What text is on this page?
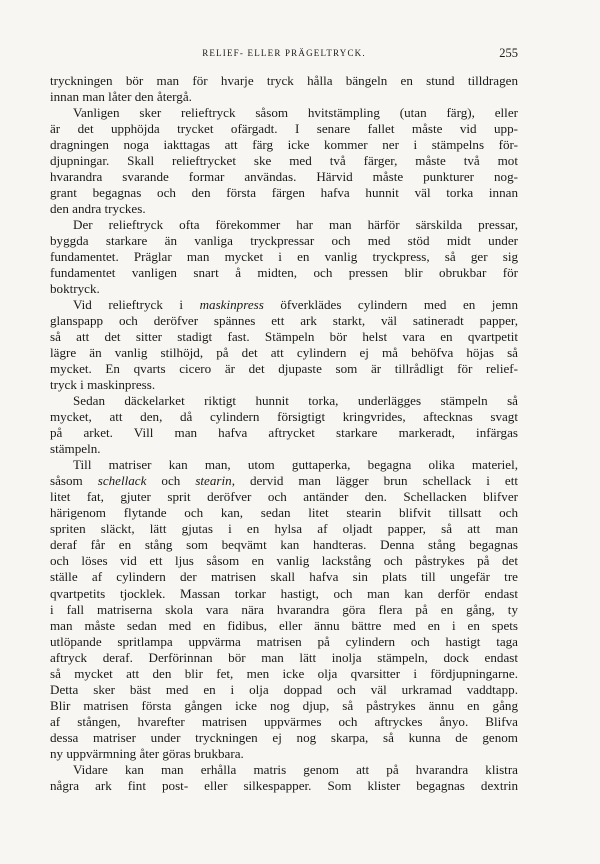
RELIEF- ELLER PRÄGELTRYCK.	255
tryckningen bör man för hvarje tryck hålla bängeln en stund tilldragen
innan man låter den återgå.
Vanligen sker relieftryck såsom hvitstämpling (utan färg), eller
är det upphöjda trycket ofärgadt. I senare fallet måste vid upp-
dragningen noga iakttagas att färg icke kommer ner i stämpelns för-
djupningar. Skall relieftrycket ske med två färger, måste två mot
hvarandra svarande formar användas. Härvid måste punkturer nog-
grant begagnas och den första färgen hafva hunnit väl torka innan
den andra tryckes.
Der relieftryck ofta förekommer har man härför särskilda pressar,
byggda starkare än vanliga tryckpressar och med stöd midt under
fundamentet. Präglar man mycket i en vanlig tryckpress, så ger sig
fundamentet vanligen snart å midten, och pressen blir obrukbar för
boktryck.
Vid relieftryck i maskinpress öfverklädes cylindern med en jemn
glanspapp och deröfver spännes ett ark starkt, väl satineradt papper,
så att det sitter stadigt fast. Stämpeln bör helst vara en qvartpetit
lägre än vanlig stilhöjd, på det att cylindern ej må behöfva höjas så
mycket. En qvarts cicero är det djupaste som är tillrådligt för relief-
tryck i maskinpress.
Sedan däckelarket riktigt hunnit torka, underlägges stämpeln så
mycket, att den, då cylindern försigtigt kringvrides, aftecknas svagt
på arket. Vill man hafva aftrycket starkare markeradt, infärgas
stämpeln.
Till matriser kan man, utom guttaperka, begagna olika materiel,
såsom schellack och stearin, dervid man lägger brun schellack i ett
litet fat, gjuter sprit deröfver och antänder den. Schellacken blifver
härigenom flytande och kan, sedan litet stearin blifvit tillsatt och
spriten släckt, lätt gjutas i en hylsa af oljadt papper, så att man
deraf får en stång som beqvämt kan handteras. Denna stång begagnas
och löses vid ett ljus såsom en vanlig lackstång och påstrykes på det
ställe af cylindern der matrisen skall hafva sin plats till ungefär tre
qvartpetits tjocklek. Massan torkar hastigt, och man kan derför endast
i fall matriserna skola vara nära hvarandra göra flera på en gång, ty
man måste sedan med en fidibus, eller ännu bättre med en i en spets
utlöpande spritlampa uppvärma matrisen på cylindern och hastigt taga
aftryck deraf. Derförinnan bör man lätt inolja stämpeln, dock endast
så mycket att den blir fet, men icke olja qvarsitter i fördjupningarne.
Detta sker bäst med en i olja doppad och väl urkramad vaddtapp.
Blir matrisen första gången icke nog djup, så påstrykes ännu en gång
af stången, hvarefter matrisen uppvärmes och aftryckes ånyo. Blifva
dessa matriser under tryckningen ej nog skarpa, så kunna de genom
ny uppvärmning åter göras brukbara.
Vidare kan man erhålla matris genom att på hvarandra klistra
några ark fint post- eller silkespapper. Som klister begagnas dextrin
